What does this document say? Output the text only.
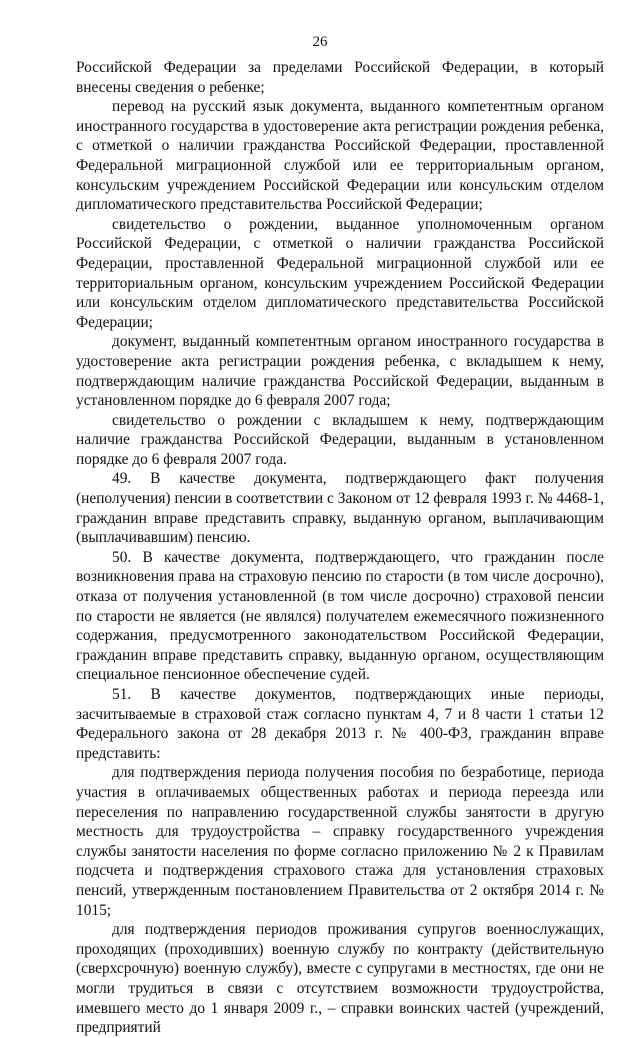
26

Российской Федерации за пределами Российской Федерации, в который внесены сведения о ребенке;

перевод на русский язык документа, выданного компетентным органом иностранного государства в удостоверение акта регистрации рождения ребенка, с отметкой о наличии гражданства Российской Федерации, проставленной Федеральной миграционной службой или ее территориальным органом, консульским учреждением Российской Федерации или консульским отделом дипломатического представительства Российской Федерации;

свидетельство о рождении, выданное уполномоченным органом Российской Федерации, с отметкой о наличии гражданства Российской Федерации, проставленной Федеральной миграционной службой или ее территориальным органом, консульским учреждением Российской Федерации или консульским отделом дипломатического представительства Российской Федерации;

документ, выданный компетентным органом иностранного государства в удостоверение акта регистрации рождения ребенка, с вкладышем к нему, подтверждающим наличие гражданства Российской Федерации, выданным в установленном порядке до 6 февраля 2007 года;

свидетельство о рождении с вкладышем к нему, подтверждающим наличие гражданства Российской Федерации, выданным в установленном порядке до 6 февраля 2007 года.

49. В качестве документа, подтверждающего факт получения (неполучения) пенсии в соответствии с Законом от 12 февраля 1993 г. № 4468-1, гражданин вправе представить справку, выданную органом, выплачивающим (выплачивавшим) пенсию.

50. В качестве документа, подтверждающего, что гражданин после возникновения права на страховую пенсию по старости (в том числе досрочно), отказа от получения установленной (в том числе досрочно) страховой пенсии по старости не является (не являлся) получателем ежемесячного пожизненного содержания, предусмотренного законодательством Российской Федерации, гражданин вправе представить справку, выданную органом, осуществляющим специальное пенсионное обеспечение судей.

51. В качестве документов, подтверждающих иные периоды, засчитываемые в страховой стаж согласно пунктам 4, 7 и 8 части 1 статьи 12 Федерального закона от 28 декабря 2013 г. № 400-ФЗ, гражданин вправе представить:

для подтверждения периода получения пособия по безработице, периода участия в оплачиваемых общественных работах и периода переезда или переселения по направлению государственной службы занятости в другую местность для трудоустройства – справку государственного учреждения службы занятости населения по форме согласно приложению № 2 к Правилам подсчета и подтверждения страхового стажа для установления страховых пенсий, утвержденным постановлением Правительства от 2 октября 2014 г. № 1015;

для подтверждения периодов проживания супругов военнослужащих, проходящих (проходивших) военную службу по контракту (действительную (сверхсрочную) военную службу), вместе с супругами в местностях, где они не могли трудиться в связи с отсутствием возможности трудоустройства, имевшего место до 1 января 2009 г., – справки воинских частей (учреждений, предприятий
